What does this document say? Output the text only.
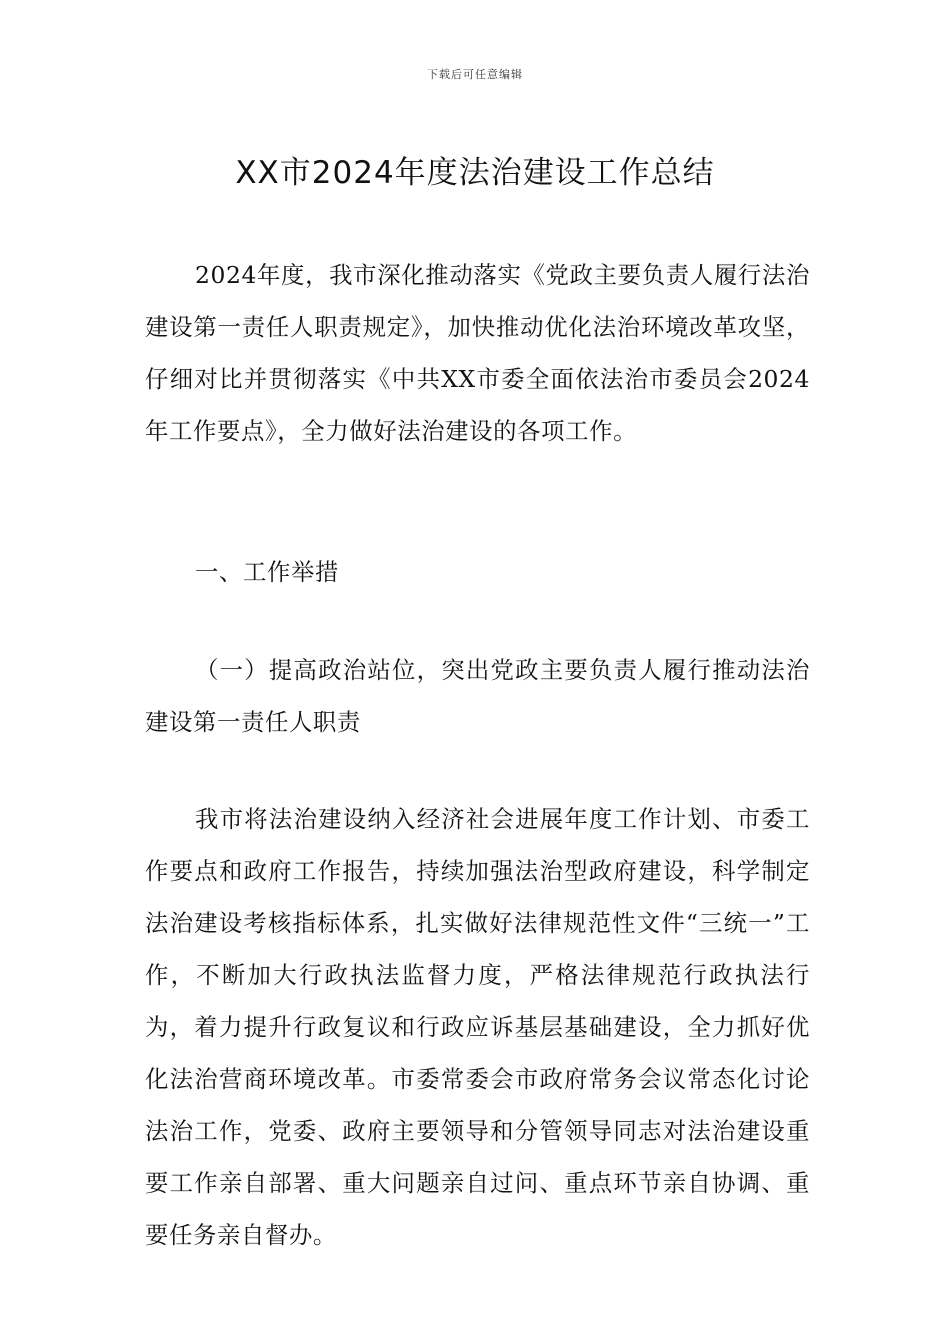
下载后可任意编辑
XX市2024年度法治建设工作总结

2024年度，我市深化推动落实《党政主要负责人履行法治建设第一责任人职责规定》，加快推动优化法治环境改革攻坚，仔细对比并贯彻落实《中共XX市委全面依法治市委员会2024年工作要点》，全力做好法治建设的各项工作。

一、工作举措

（一）提高政治站位，突出党政主要负责人履行推动法治建设第一责任人职责

我市将法治建设纳入经济社会进展年度工作计划、市委工作要点和政府工作报告，持续加强法治型政府建设，科学制定法治建设考核指标体系，扎实做好法律规范性文件“三统一”工作，不断加大行政执法监督力度，严格法律规范行政执法行为，着力提升行政复议和行政应诉基层基础建设，全力抓好优化法治营商环境改革。市委常委会市政府常务会议常态化讨论法治工作，党委、政府主要领导和分管领导同志对法治建设重要工作亲自部署、重大问题亲自过问、重点环节亲自协调、重要任务亲自督办。
